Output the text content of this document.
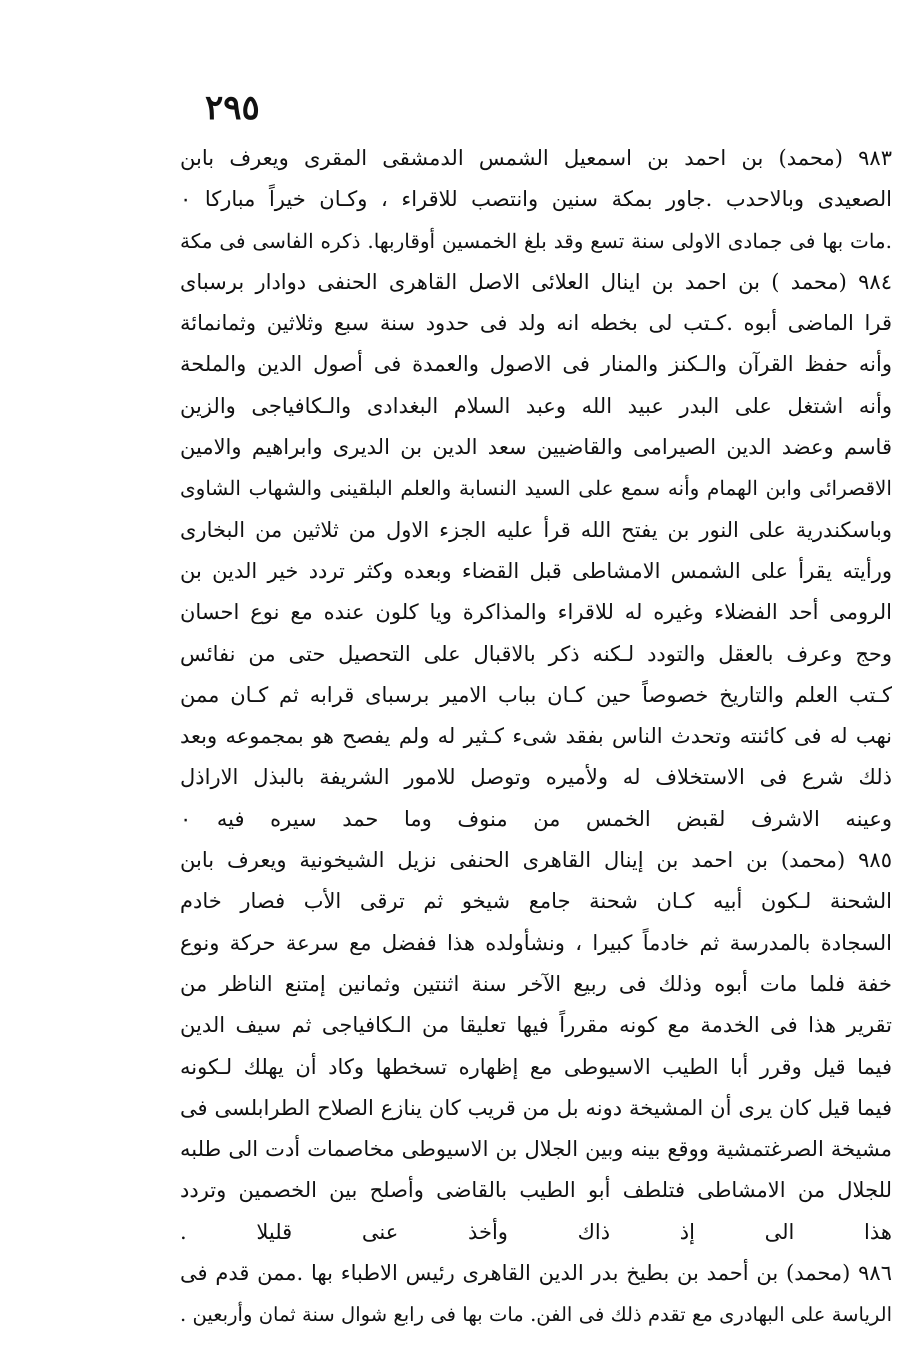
٢٩٥
٩٨٣ (محمد) بن احمد بن اسمعيل الشمس الدمشقى المقرى ويعرف بابن
الصعيدى وبالاحدب .جاور بمكة سنين وانتصب للاقراء ، وكـان خيراً مباركا ٠
.مات بها فى جمادى الاولى سنة تسع وقد بلغ الخمسين أوقاربها. ذكره الفاسى فى مكة
٩٨٤ (محمد ) بن احمد بن اينال العلائى الاصل القاهرى الحنفى دوادار برسباى
قرا الماضى أبوه .كـتب لى بخطه انه ولد فى حدود سنة سبع وثلاثين وثمانمائة
وأنه حفظ القرآن والـكنز والمنار فى الاصول والعمدة فى أصول الدين والملحة
وأنه اشتغل على البدر عبيد الله وعبد السلام البغدادى والـكافياجى والزين
قاسم وعضد الدين الصيرامى والقاضيين سعد الدين بن الديرى وابراهيم والامين
الاقصرائى وابن الهمام وأنه سمع على السيد النسابة والعلم البلقينى والشهاب الشاوى
وباسكندرية على النور بن يفتح الله قرأ عليه الجزء الاول من ثلاثين من البخارى
ورأيته يقرأ على الشمس الامشاطى قبل القضاء وبعده وكثر تردد خير الدين بن
الرومى أحد الفضلاء وغيره له للاقراء والمذاكرة ويا كلون عنده مع نوع احسان
وحج وعرف بالعقل والتودد لـكنه ذكر بالاقبال على التحصيل حتى من نفائس
كـتب العلم والتاريخ خصوصاً حين كـان بباب الامير برسباى قرابه ثم كـان ممن
نهب له فى كائنته وتحدث الناس بفقد شىء كـثير له ولم يفصح هو بمجموعه وبعد
ذلك شرع فى الاستخلاف له ولأميره وتوصل للامور الشريفة بالبذل الاراذل
وعينه الاشرف لقبض الخمس من منوف وما حمد سيره فيه ٠
٩٨٥ (محمد) بن احمد بن إينال القاهرى الحنفى نزيل الشيخونية ويعرف بابن
الشحنة لـكون أبيه كـان شحنة جامع شيخو ثم ترقى الأب فصار خادم
السجادة بالمدرسة ثم خادماً كبيرا ، ونشأولده هذا ففضل مع سرعة حركة ونوع
خفة فلما مات أبوه وذلك فى ربيع الآخر سنة اثنتين وثمانين إمتنع الناظر من
تقرير هذا فى الخدمة مع كونه مقرراً فيها تعليقا من الـكافياجى ثم سيف الدين
فيما قيل وقرر أبا الطيب الاسيوطى مع إظهاره تسخطها وكاد أن يهلك لـكونه
فيما قيل كان يرى أن المشيخة دونه بل من قريب كان ينازع الصلاح الطرابلسى فى
مشيخة الصرغتمشية ووقع بينه وبين الجلال بن الاسيوطى مخاصمات أدت الى طلبه
للجلال من الامشاطى فتلطف أبو الطيب بالقاضى وأصلح بين الخصمين وتردد
هذا الى إذ ذاك وأخذ عنى قليلا .
٩٨٦ (محمد) بن أحمد بن بطيخ بدر الدين القاهرى رئيس الاطباء بها .ممن قدم فى
الرياسة على البهادرى مع تقدم ذلك فى الفن. مات بها فى رابع شوال سنة ثمان وأربعين .
